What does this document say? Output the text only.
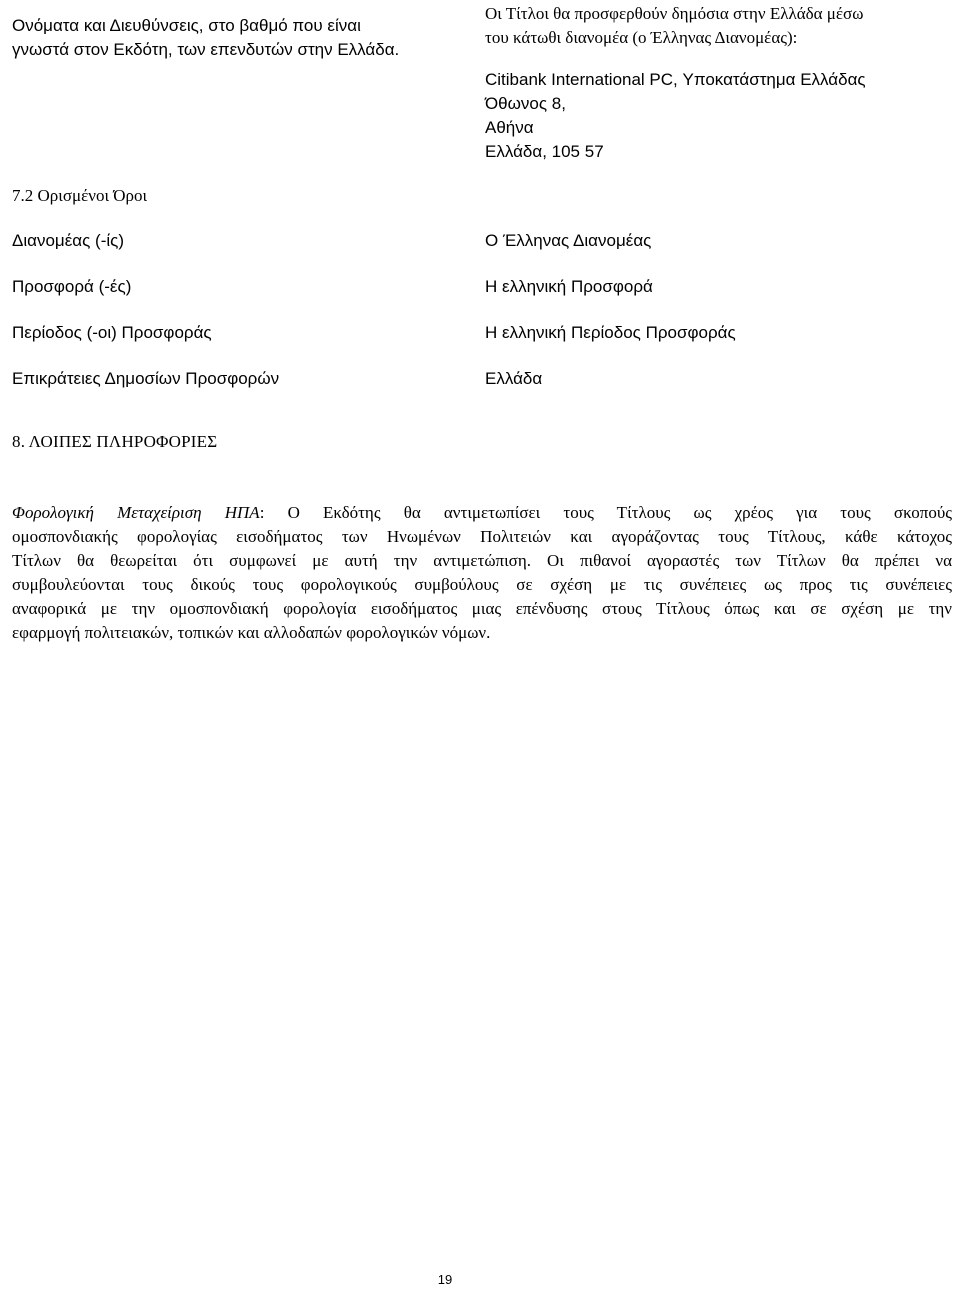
Ονόματα και Διευθύνσεις, στο βαθμό που είναι
γνωστά στον Εκδότη, των επενδυτών στην Ελλάδα.
Οι Τίτλοι θα προσφερθούν δημόσια στην Ελλάδα μέσω
του κάτωθι διανομέα (ο Έλληνας Διανομέας):
Citibank International PC, Υποκατάστημα Ελλάδας
Όθωνος 8,
Αθήνα
Ελλάδα, 105 57
7.2 Ορισμένοι Όροι
Διανομέας (-ίς)	Ο Έλληνας Διανομέας
Προσφορά (-ές)	Η ελληνική Προσφορά
Περίοδος (-οι) Προσφοράς	Η ελληνική Περίοδος Προσφοράς
Επικράτειες Δημοσίων Προσφορών	Ελλάδα
8. ΛΟΙΠΕΣ ΠΛΗΡΟΦΟΡΙΕΣ
Φορολογική Μεταχείριση ΗΠΑ: Ο Εκδότης θα αντιμετωπίσει τους Τίτλους ως χρέος για τους σκοπούς
ομοσπονδιακής φορολογίας εισοδήματος των Ηνωμένων Πολιτειών και αγοράζοντας τους Τίτλους, κάθε κάτοχος
Τίτλων θα θεωρείται ότι συμφωνεί με αυτή την αντιμετώπιση. Οι πιθανοί αγοραστές των Τίτλων θα πρέπει να
συμβουλεύονται τους δικούς τους φορολογικούς συμβούλους σε σχέση με τις συνέπειες ως προς τις συνέπειες
αναφορικά με την ομοσπονδιακή φορολογία εισοδήματος μιας επένδυσης στους Τίτλους όπως και σε σχέση με την
εφαρμογή πολιτειακών, τοπικών και αλλοδαπών φορολογικών νόμων.
19
